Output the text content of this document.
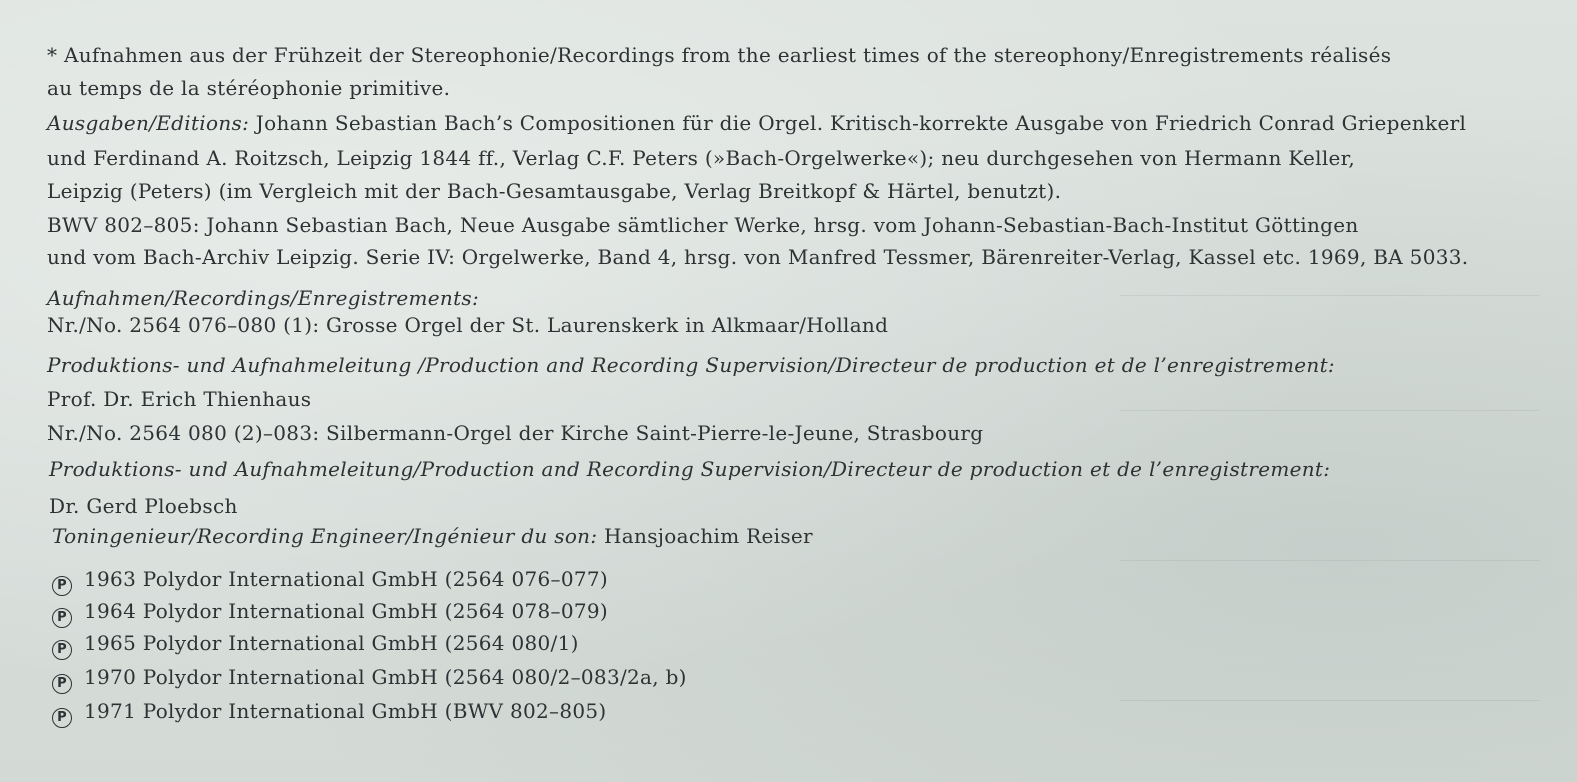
* Aufnahmen aus der Frühzeit der Stereophonie/Recordings from the earliest times of the stereophony/Enregistrements réalisés
au temps de la stéréophonie primitive.
Ausgaben/Editions: Johann Sebastian Bach’s Compositionen für die Orgel. Kritisch-korrekte Ausgabe von Friedrich Conrad Griepenkerl
und Ferdinand A. Roitzsch, Leipzig 1844 ff., Verlag C.F. Peters (»Bach-Orgelwerke«); neu durchgesehen von Hermann Keller,
Leipzig (Peters) (im Vergleich mit der Bach-Gesamtausgabe, Verlag Breitkopf & Härtel, benutzt).
BWV 802–805: Johann Sebastian Bach, Neue Ausgabe sämtlicher Werke, hrsg. vom Johann-Sebastian-Bach-Institut Göttingen
und vom Bach-Archiv Leipzig. Serie IV: Orgelwerke, Band 4, hrsg. von Manfred Tessmer, Bärenreiter-Verlag, Kassel etc. 1969, BA 5033.
Aufnahmen/Recordings/Enregistrements:
Nr./No. 2564 076–080 (1): Grosse Orgel der St. Laurenskerk in Alkmaar/Holland
Produktions- und Aufnahmeleitung /Production and Recording Supervision/Directeur de production et de l’enregistrement:
Prof. Dr. Erich Thienhaus
Nr./No. 2564 080 (2)–083: Silbermann-Orgel der Kirche Saint-Pierre-le-Jeune, Strasbourg
Produktions- und Aufnahmeleitung/Production and Recording Supervision/Directeur de production et de l’enregistrement:
Dr. Gerd Ploebsch
Toningenieur/Recording Engineer/Ingénieur du son: Hansjoachim Reiser
P 1963 Polydor International GmbH (2564 076–077)
P 1964 Polydor International GmbH (2564 078–079)
P 1965 Polydor International GmbH (2564 080/1)
P 1970 Polydor International GmbH (2564 080/2–083/2a, b)
P 1971 Polydor International GmbH (BWV 802–805)
